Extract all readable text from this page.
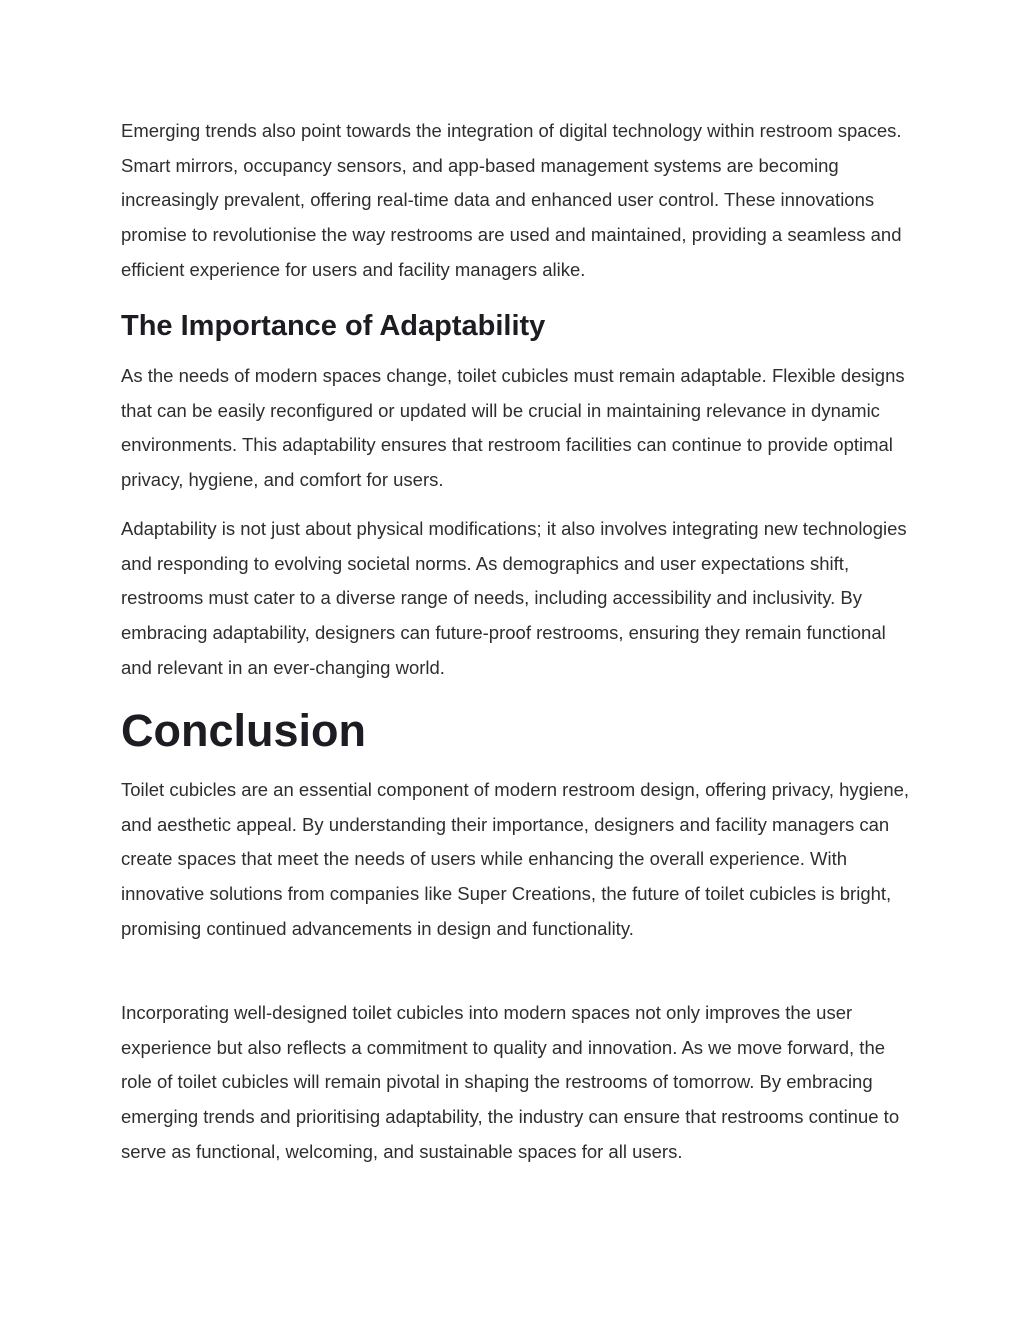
Emerging trends also point towards the integration of digital technology within restroom spaces. Smart mirrors, occupancy sensors, and app-based management systems are becoming increasingly prevalent, offering real-time data and enhanced user control. These innovations promise to revolutionise the way restrooms are used and maintained, providing a seamless and efficient experience for users and facility managers alike.

The Importance of Adaptability

As the needs of modern spaces change, toilet cubicles must remain adaptable. Flexible designs that can be easily reconfigured or updated will be crucial in maintaining relevance in dynamic environments. This adaptability ensures that restroom facilities can continue to provide optimal privacy, hygiene, and comfort for users.

Adaptability is not just about physical modifications; it also involves integrating new technologies and responding to evolving societal norms. As demographics and user expectations shift, restrooms must cater to a diverse range of needs, including accessibility and inclusivity. By embracing adaptability, designers can future-proof restrooms, ensuring they remain functional and relevant in an ever-changing world.

Conclusion

Toilet cubicles are an essential component of modern restroom design, offering privacy, hygiene, and aesthetic appeal. By understanding their importance, designers and facility managers can create spaces that meet the needs of users while enhancing the overall experience. With innovative solutions from companies like Super Creations, the future of toilet cubicles is bright, promising continued advancements in design and functionality.

Incorporating well-designed toilet cubicles into modern spaces not only improves the user experience but also reflects a commitment to quality and innovation. As we move forward, the role of toilet cubicles will remain pivotal in shaping the restrooms of tomorrow. By embracing emerging trends and prioritising adaptability, the industry can ensure that restrooms continue to serve as functional, welcoming, and sustainable spaces for all users.
